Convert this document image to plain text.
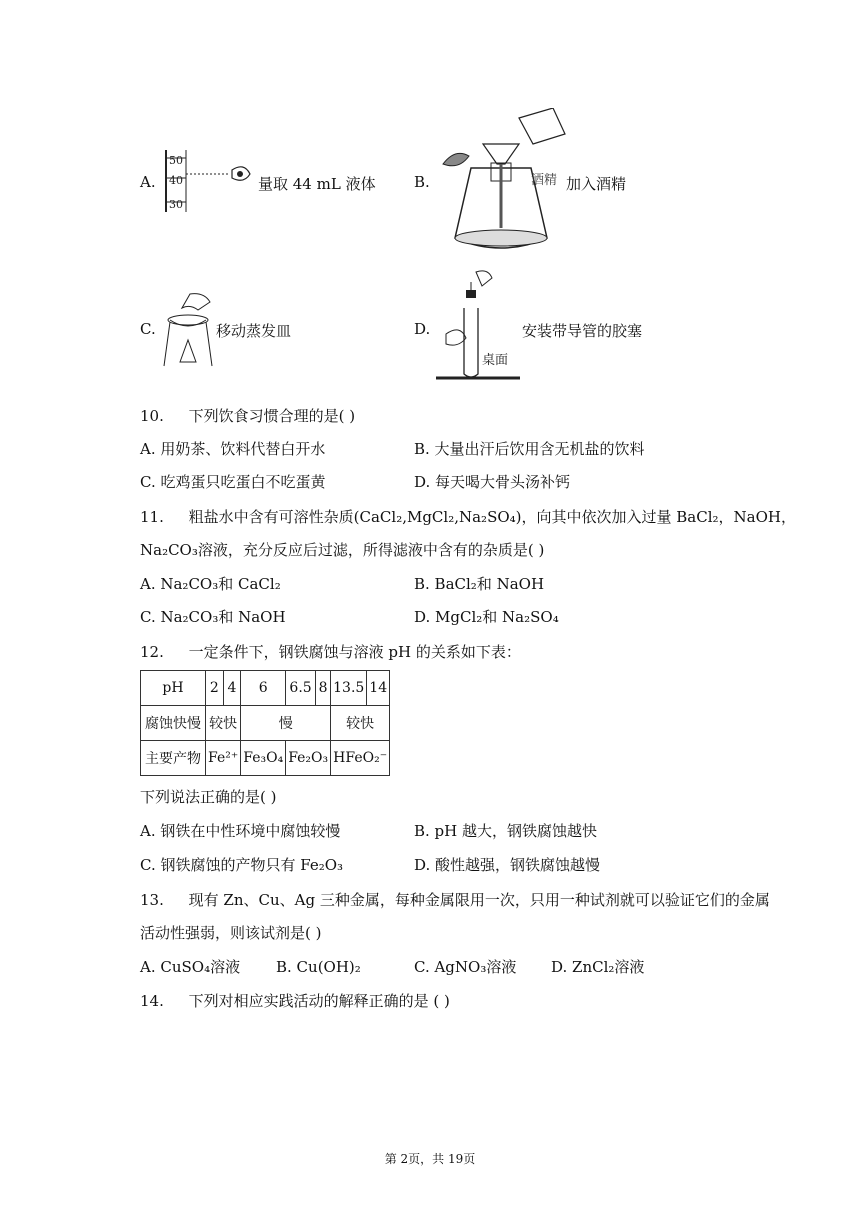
A.
50
40
30
量取 44 mL 液体	B.	酒精 加入酒精
C.	移动蒸发皿	D.
桌面
安装带导管的胶塞
10. 下列饮食习惯合理的是( )
A. 用奶茶、饮料代替白开水	B. 大量出汗后饮用含无机盐的饮料
C. 吃鸡蛋只吃蛋白不吃蛋黄	D. 每天喝大骨头汤补钙
11. 粗盐水中含有可溶性杂质(CaCl₂,MgCl₂,Na₂SO₄)，向其中依次加入过量 BaCl₂，NaOH，
Na₂CO₃溶液，充分反应后过滤，所得滤液中含有的杂质是( )
A. Na₂CO₃和 CaCl₂	B. BaCl₂和 NaOH
C. Na₂CO₃和 NaOH	D. MgCl₂和 Na₂SO₄
12. 一定条件下，钢铁腐蚀与溶液 pH 的关系如下表：
pH	2	4	6	6.5	8	13.5	14
腐蚀快慢	较快		慢			较快	
主要产物	Fe²⁺		Fe₃O₄	Fe₂O₃		HFeO₂⁻	
下列说法正确的是( )
A. 钢铁在中性环境中腐蚀较慢	B. pH 越大，钢铁腐蚀越快
C. 钢铁腐蚀的产物只有 Fe₂O₃	D. 酸性越强，钢铁腐蚀越慢
13. 现有 Zn、Cu、Ag 三种金属，每种金属限用一次，只用一种试剂就可以验证它们的金属
活动性强弱，则该试剂是( )
A. CuSO₄溶液 B. Cu(OH)₂	C. AgNO₃溶液 D. ZnCl₂溶液
14. 下列对相应实践活动的解释正确的是 ( )
第 2页，共 19页
